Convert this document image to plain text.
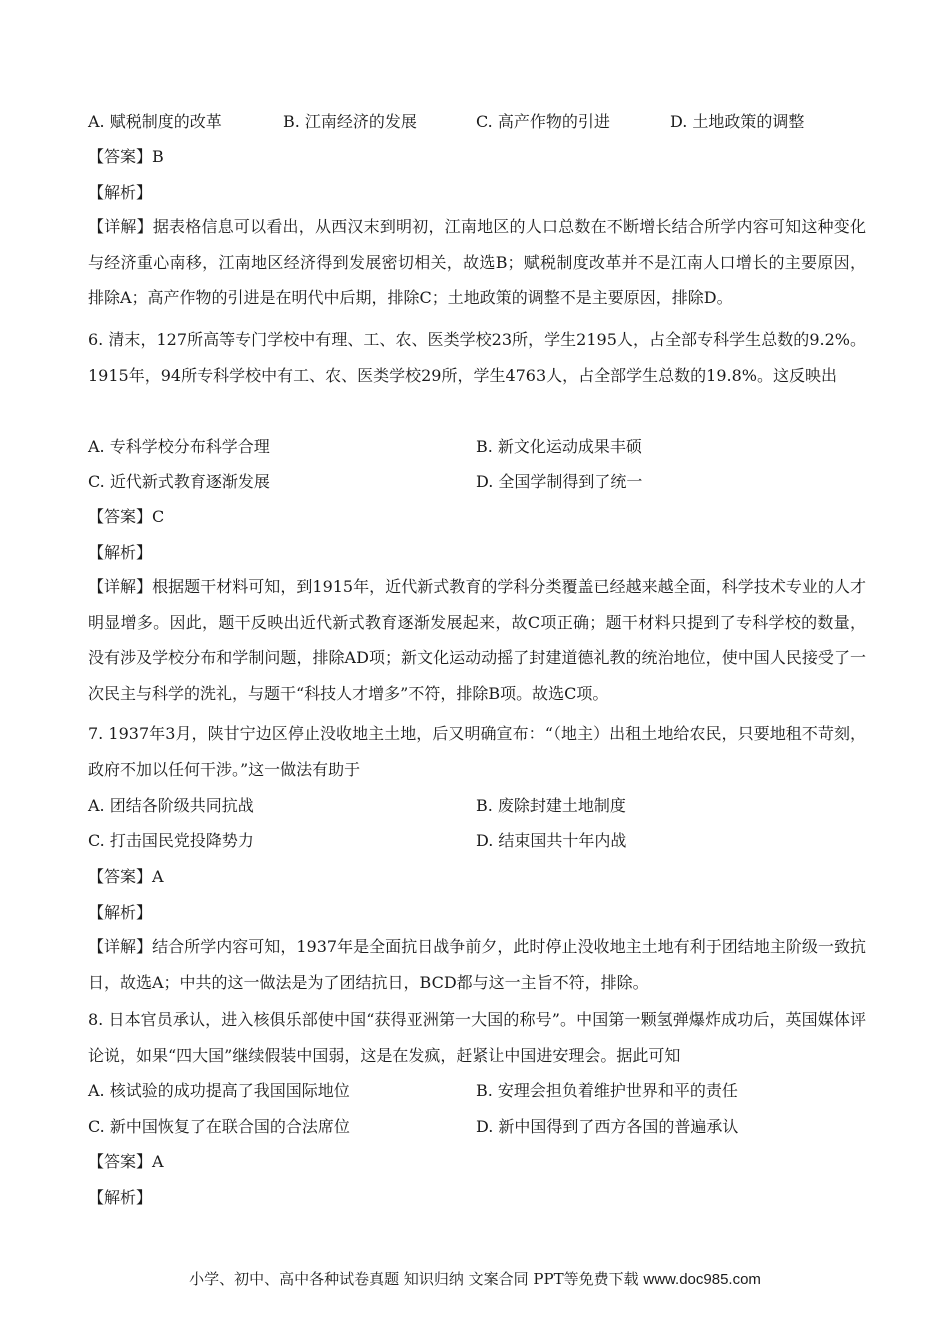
A. 赋税制度的改革	B. 江南经济的发展	C. 高产作物的引进	D. 土地政策的调整
【答案】B
【解析】
【详解】据表格信息可以看出，从西汉末到明初，江南地区的人口总数在不断增长结合所学内容可知这种变化与经济重心南移，江南地区经济得到发展密切相关，故选B；赋税制度改革并不是江南人口增长的主要原因，排除A；高产作物的引进是在明代中后期，排除C；土地政策的调整不是主要原因，排除D。
6. 清末，127所高等专门学校中有理、工、农、医类学校23所，学生2195人，占全部专科学生总数的9.2%。1915年，94所专科学校中有工、农、医类学校29所，学生4763人，占全部学生总数的19.8%。这反映出
A. 专科学校分布科学合理	B. 新文化运动成果丰硕
C. 近代新式教育逐渐发展	D. 全国学制得到了统一
【答案】C
【解析】
【详解】根据题干材料可知，到1915年，近代新式教育的学科分类覆盖已经越来越全面，科学技术专业的人才明显增多。因此，题干反映出近代新式教育逐渐发展起来，故C项正确；题干材料只提到了专科学校的数量，没有涉及学校分布和学制问题，排除AD项；新文化运动动摇了封建道德礼教的统治地位，使中国人民接受了一次民主与科学的洗礼，与题干“科技人才增多”不符，排除B项。故选C项。
7. 1937年3月，陕甘宁边区停止没收地主土地，后又明确宣布：“（地主）出租土地给农民，只要地租不苛刻，政府不加以任何干涉。”这一做法有助于
A. 团结各阶级共同抗战	B. 废除封建土地制度
C. 打击国民党投降势力	D. 结束国共十年内战
【答案】A
【解析】
【详解】结合所学内容可知，1937年是全面抗日战争前夕，此时停止没收地主土地有利于团结地主阶级一致抗日，故选A；中共的这一做法是为了团结抗日，BCD都与这一主旨不符，排除。
8. 日本官员承认，进入核俱乐部使中国“获得亚洲第一大国的称号”。中国第一颗氢弹爆炸成功后，英国媒体评论说，如果“四大国”继续假装中国弱，这是在发疯，赶紧让中国进安理会。据此可知
A. 核试验的成功提高了我国国际地位	B. 安理会担负着维护世界和平的责任
C. 新中国恢复了在联合国的合法席位	D. 新中国得到了西方各国的普遍承认
【答案】A
【解析】
小学、初中、高中各种试卷真题 知识归纳 文案合同 PPT等免费下载 www.doc985.com
